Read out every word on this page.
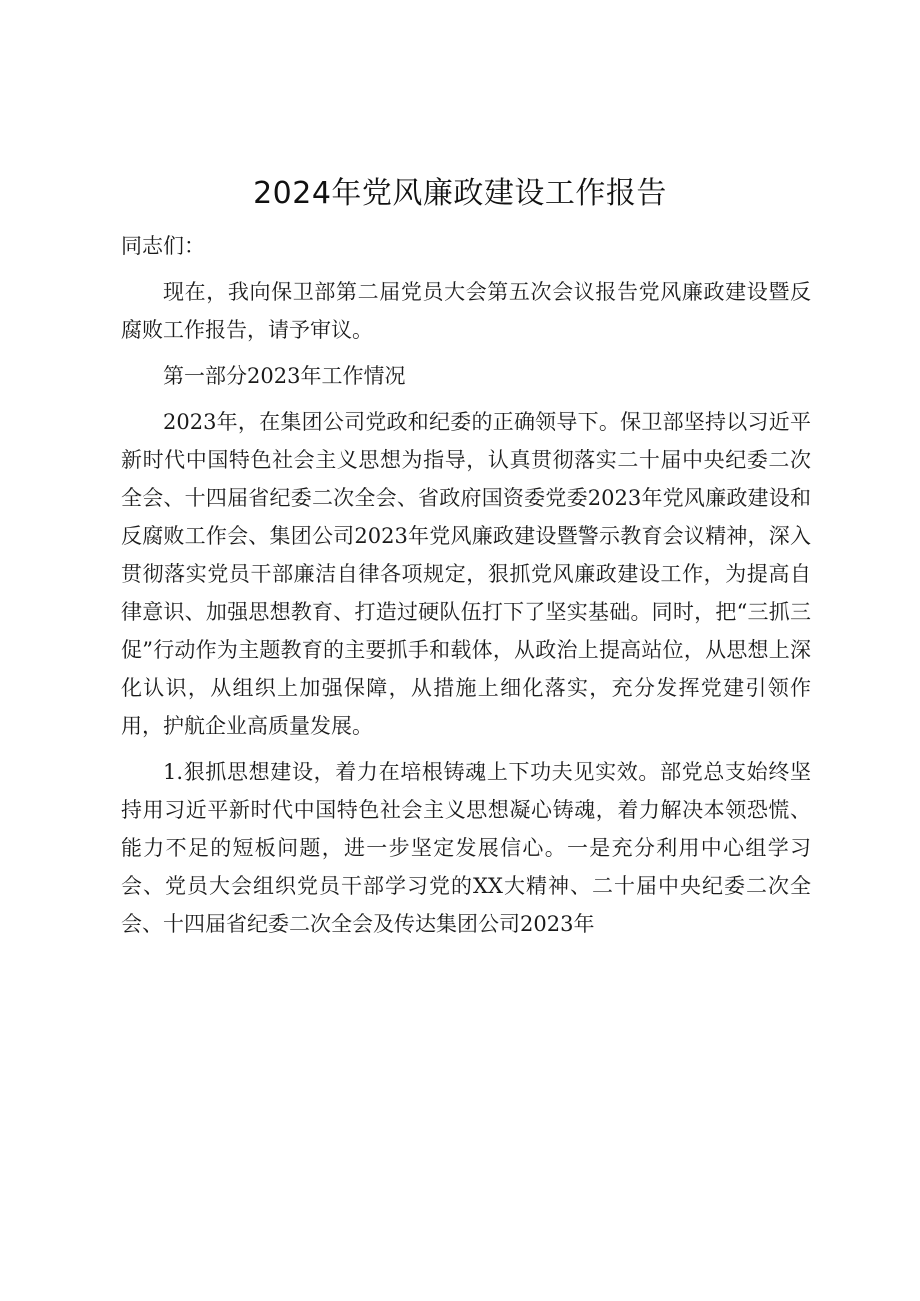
2024年党风廉政建设工作报告

同志们：

现在，我向保卫部第二届党员大会第五次会议报告党风廉政建设暨反腐败工作报告，请予审议。

第一部分2023年工作情况

2023年，在集团公司党政和纪委的正确领导下。保卫部坚持以习近平新时代中国特色社会主义思想为指导，认真贯彻落实二十届中央纪委二次全会、十四届省纪委二次全会、省政府国资委党委2023年党风廉政建设和反腐败工作会、集团公司2023年党风廉政建设暨警示教育会议精神，深入贯彻落实党员干部廉洁自律各项规定，狠抓党风廉政建设工作，为提高自律意识、加强思想教育、打造过硬队伍打下了坚实基础。同时，把“三抓三促”行动作为主题教育的主要抓手和载体，从政治上提高站位，从思想上深化认识，从组织上加强保障，从措施上细化落实，充分发挥党建引领作用，护航企业高质量发展。

1.狠抓思想建设，着力在培根铸魂上下功夫见实效。部党总支始终坚持用习近平新时代中国特色社会主义思想凝心铸魂，着力解决本领恐慌、能力不足的短板问题，进一步坚定发展信心。一是充分利用中心组学习会、党员大会组织党员干部学习党的XX大精神、二十届中央纪委二次全会、十四届省纪委二次全会及传达集团公司2023年
